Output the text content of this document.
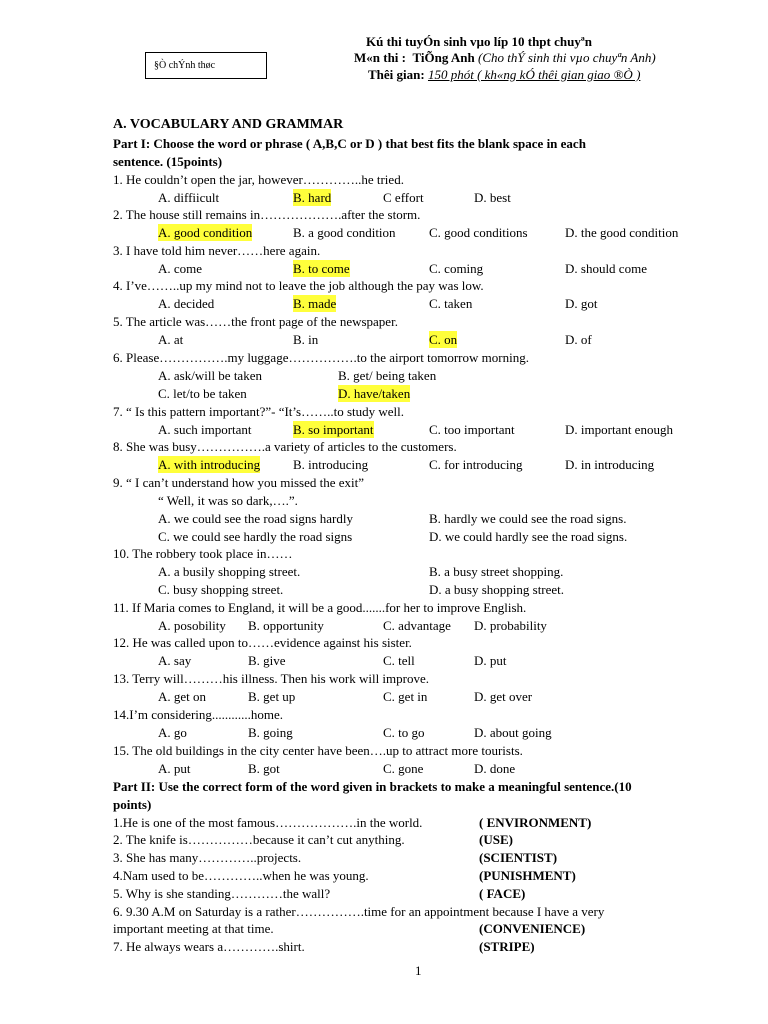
§Ò chÝnh thøc
Kú thi tuyÓn sinh vµo líp 10 thpt chuyªn
M«n thi : TiÕng Anh (Cho thÝ sinh thi vµo chuyªn Anh)
Thêi gian: 150 phót ( kh«ng kÓ thêi gian giao ®Ò )
A. VOCABULARY AND GRAMMAR
Part I: Choose the word or phrase ( A,B,C or D ) that best fits the blank space in each
sentence. (15points)
1. He couldn’t open the jar, however…………..he tried.
A. diffiicult	B. hard	C effort	D. best
2. The house still remains in……………….after the storm.
A. good condition	B. a good condition	C. good conditions	D. the good condition
3. I have told him never……here again.
A. come	B. to come	C. coming	D. should come
4. I’ve……..up my mind not to leave the job although the pay was low.
A. decided	B. made	C. taken	D. got
5. The article was……the front page of the newspaper.
A. at	B. in	C. on	D. of
6. Please…………….my luggage…………….to the airport tomorrow morning.
A. ask/will be taken	B. get/ being taken
C. let/to be taken	D. have/taken
7. “ Is this pattern important?”- “It’s……..to study well.
A. such important	B. so important	C. too important	D. important enough
8. She was busy…………….a variety of articles to the customers.
A. with introducing	B. introducing	C. for introducing	D. in introducing
9. “ I can’t understand how you missed the exit”
“ Well, it was so dark,….”.
A. we could see the road signs hardly	B. hardly we could see the road signs.
C. we could see hardly the road signs	D. we could hardly see the road signs.
10. The robbery took place in……
A. a busily shopping street.	B. a busy street shopping.
C. busy shopping street.	D. a busy shopping street.
11. If Maria comes to England, it will be a good.......for her to improve English.
A. posobility B. opportunity	C. advantage D. probability
12. He was called upon to……evidence against his sister.
A. say	B. give	C. tell	D. put
13. Terry will………his illness. Then his work will improve.
A. get on	B. get up	C. get in	D. get over
14.I’m considering............home.
A. go	B. going	C. to go	D. about going
15. The old buildings in the city center have been….up to attract more tourists.
A. put	B. got	C. gone	D. done
Part II: Use the correct form of the word given in brackets to make a meaningful sentence.(10
points)
1.He is one of the most famous……………….in the world.	( ENVIRONMENT)
2. The knife is……………because it can’t cut anything.	(USE)
3. She has many…………..projects.	(SCIENTIST)
4.Nam used to be…………..when he was young.	(PUNISHMENT)
5. Why is she standing…………the wall?	( FACE)
6. 9.30 A.M on Saturday is a rather…………….time for an appointment because I have a very
important meeting at that time.	(CONVENIENCE)
7. He always wears a………….shirt.	(STRIPE)
1
